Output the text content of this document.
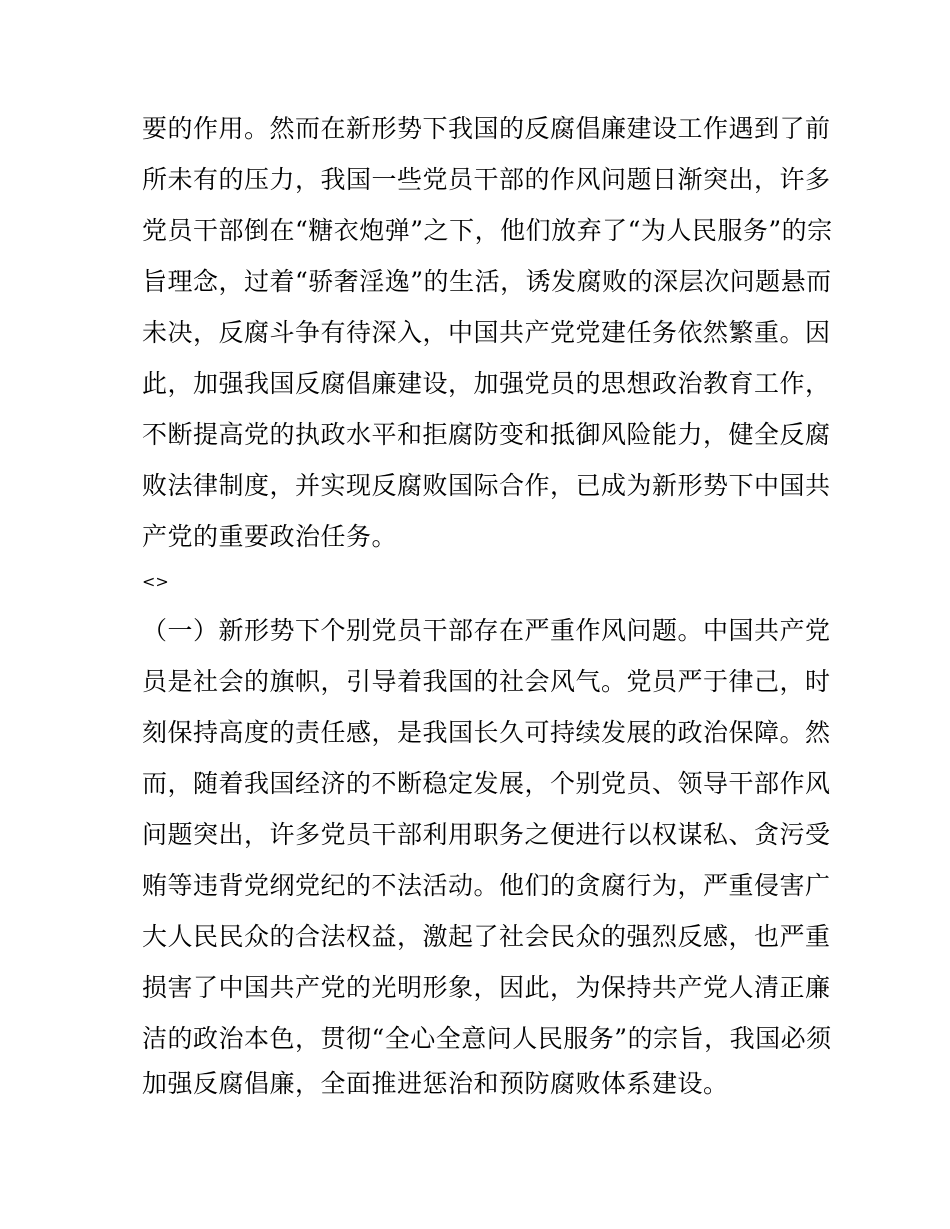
要的作用。然而在新形势下我国的反腐倡廉建设工作遇到了前
所未有的压力，我国一些党员干部的作风问题日渐突出，许多
党员干部倒在“糖衣炮弹”之下，他们放弃了“为人民服务”的宗
旨理念，过着“骄奢淫逸”的生活，诱发腐败的深层次问题悬而
未决，反腐斗争有待深入，中国共产党党建任务依然繁重。因
此，加强我国反腐倡廉建设，加强党员的思想政治教育工作，
不断提高党的执政水平和拒腐防变和抵御风险能力，健全反腐
败法律制度，并实现反腐败国际合作，已成为新形势下中国共
产党的重要政治任务。
<>
（一）新形势下个别党员干部存在严重作风问题。中国共产党
员是社会的旗帜，引导着我国的社会风气。党员严于律己，时
刻保持高度的责任感，是我国长久可持续发展的政治保障。然
而，随着我国经济的不断稳定发展，个别党员、领导干部作风
问题突出，许多党员干部利用职务之便进行以权谋私、贪污受
贿等违背党纲党纪的不法活动。他们的贪腐行为，严重侵害广
大人民民众的合法权益，激起了社会民众的强烈反感，也严重
损害了中国共产党的光明形象，因此，为保持共产党人清正廉
洁的政治本色，贯彻“全心全意问人民服务”的宗旨，我国必须
加强反腐倡廉，全面推进惩治和预防腐败体系建设。
